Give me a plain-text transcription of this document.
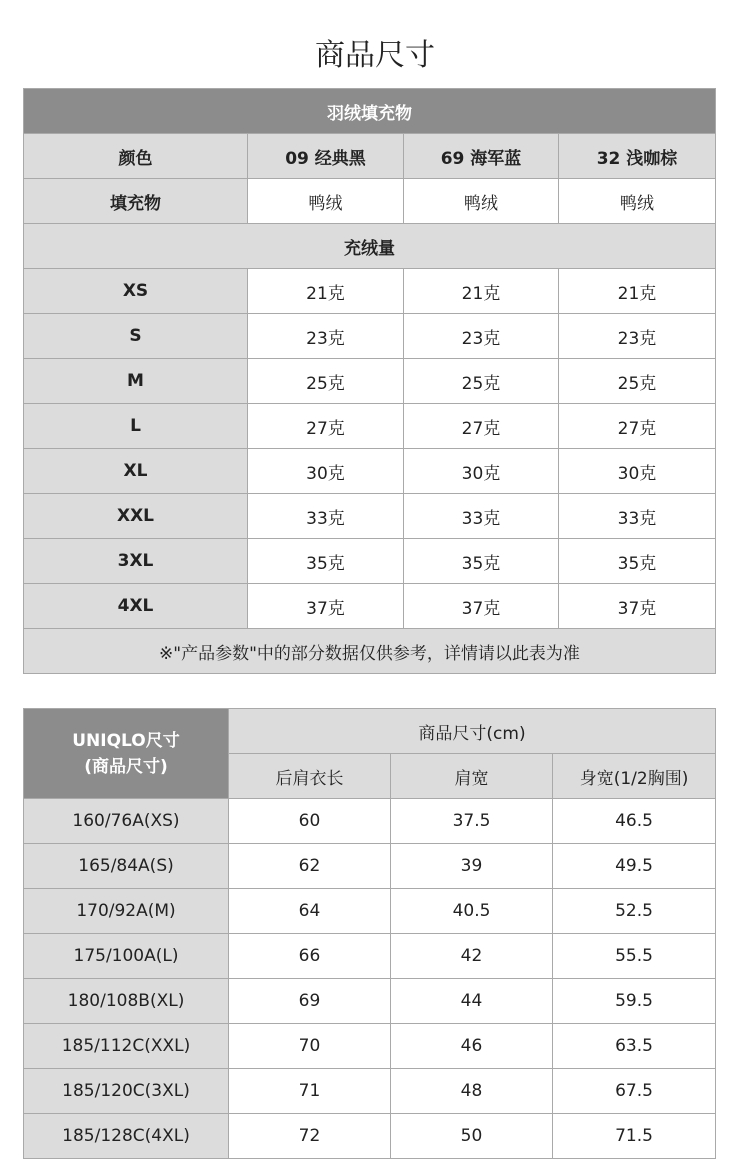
商品尺寸
羽绒填充物			
颜色	09 经典黑	69 海军蓝	32 浅咖棕
填充物	鸭绒	鸭绒	鸭绒
充绒量			
XS	21克	21克	21克
S	23克	23克	23克
M	25克	25克	25克
L	27克	27克	27克
XL	30克	30克	30克
XXL	33克	33克	33克
3XL	35克	35克	35克
4XL	37克	37克	37克
※"产品参数"中的部分数据仅供参考，详情请以此表为准			
UNIQLO尺寸
(商品尺寸)	商品尺寸(cm)		
	后肩衣长	肩宽	身宽(1/2胸围)
160/76A(XS)	60	37.5	46.5
165/84A(S)	62	39	49.5
170/92A(M)	64	40.5	52.5
175/100A(L)	66	42	55.5
180/108B(XL)	69	44	59.5
185/112C(XXL)	70	46	63.5
185/120C(3XL)	71	48	67.5
185/128C(4XL)	72	50	71.5
